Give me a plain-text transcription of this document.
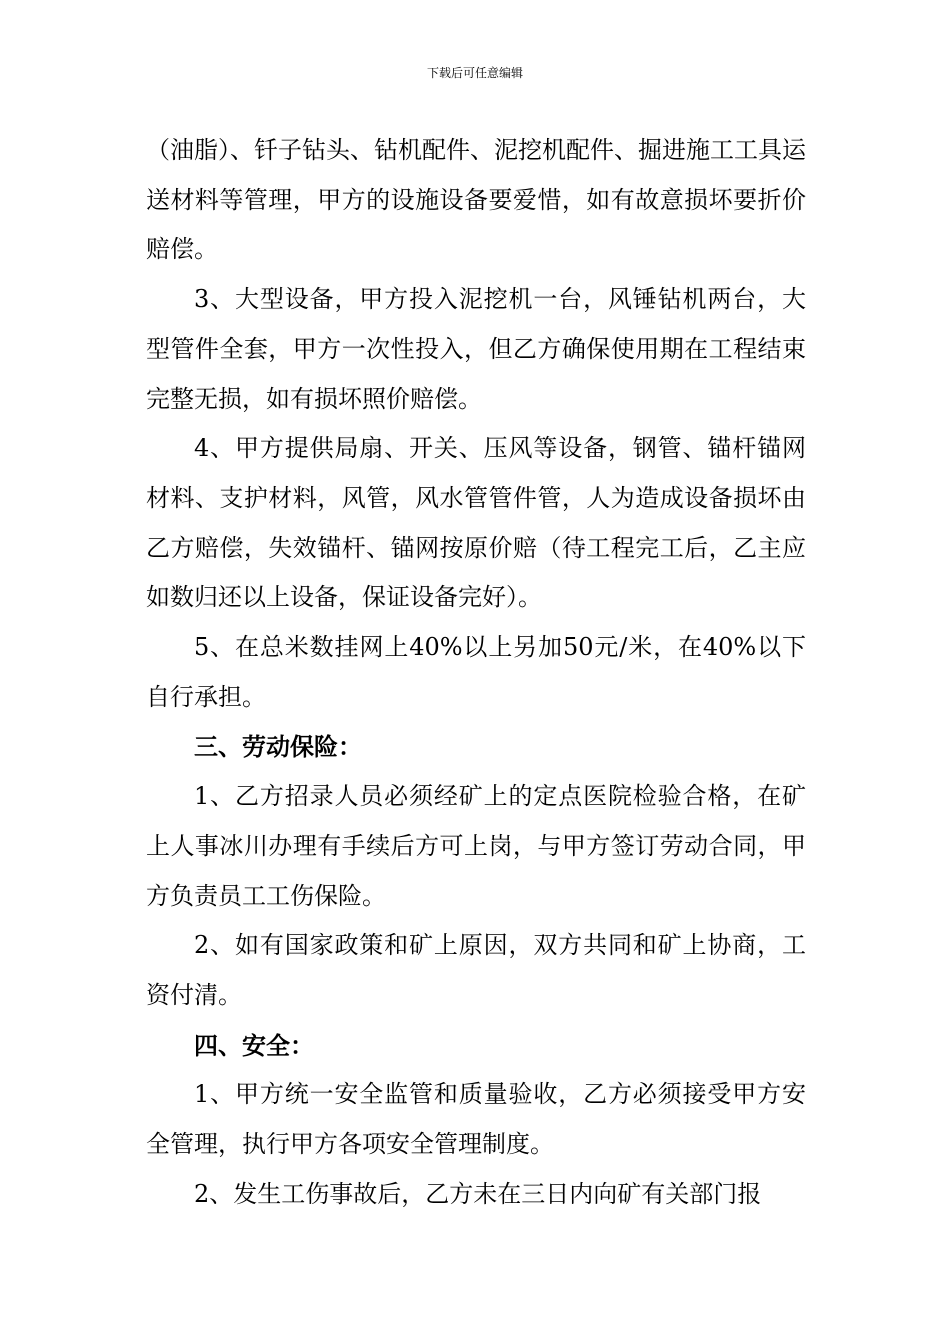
下载后可任意编辑

（油脂）、钎子钻头、钻机配件、泥挖机配件、掘进施工工具运送材料等管理，甲方的设施设备要爱惜，如有故意损坏要折价赔偿。

3、大型设备，甲方投入泥挖机一台，风锤钻机两台，大型管件全套，甲方一次性投入，但乙方确保使用期在工程结束完整无损，如有损坏照价赔偿。

4、甲方提供局扇、开关、压风等设备，钢管、锚杆锚网材料、支护材料，风管，风水管管件管，人为造成设备损坏由乙方赔偿，失效锚杆、锚网按原价赔（待工程完工后，乙主应如数归还以上设备，保证设备完好）。

5、在总米数挂网上40%以上另加50元/米，在40%以下自行承担。

三、劳动保险：

1、乙方招录人员必须经矿上的定点医院检验合格，在矿上人事冰川办理有手续后方可上岗，与甲方签订劳动合同，甲方负责员工工伤保险。

2、如有国家政策和矿上原因，双方共同和矿上协商，工资付清。

四、安全：

1、甲方统一安全监管和质量验收，乙方必须接受甲方安全管理，执行甲方各项安全管理制度。

2、发生工伤事故后，乙方未在三日内向矿有关部门报
